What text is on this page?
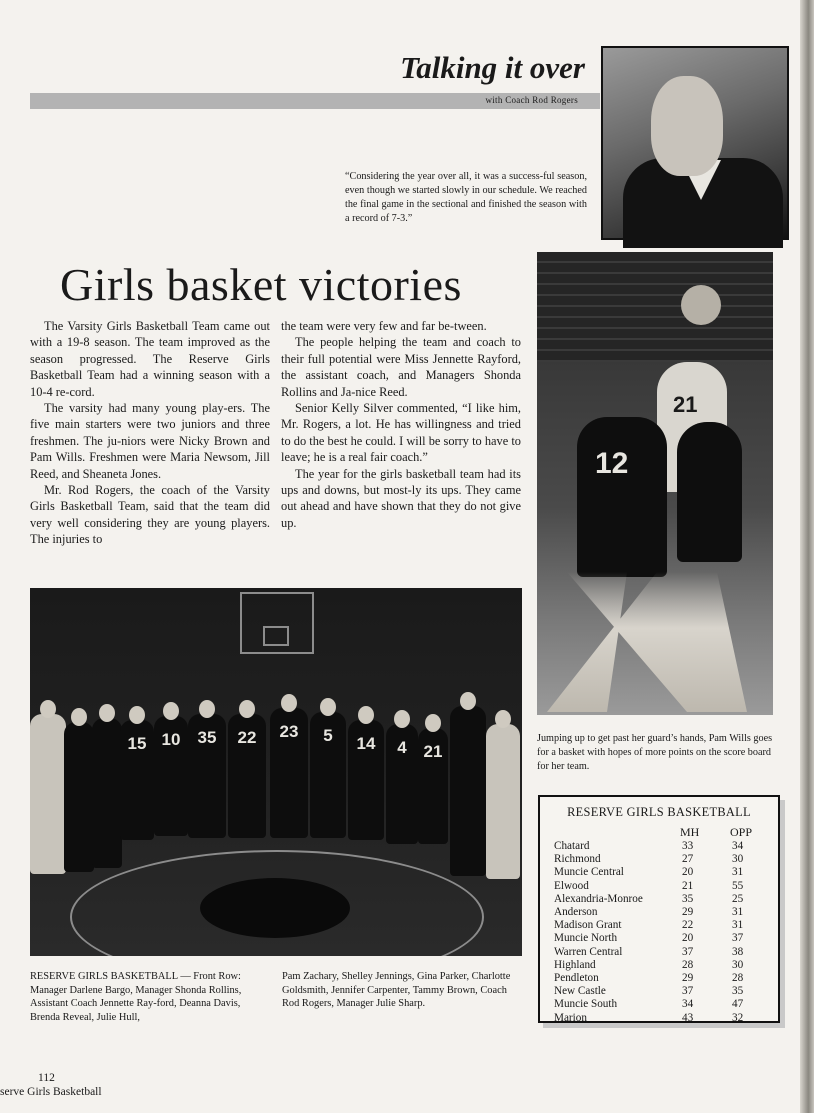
Talking it over
with Coach Rod Rogers
“Considering the year over all, it was a success-ful season, even though we started slowly in our schedule. We reached the final game in the sectional and finished the season with a record of 7-3.”
Girls basket victories

The Varsity Girls Basketball Team came out with a 19-8 season. The team improved as the season progressed. The Reserve Girls Basketball Team had a winning season with a 10-4 re-cord.

The varsity had many young play-ers. The five main starters were two juniors and three freshmen. The ju-niors were Nicky Brown and Pam Wills. Freshmen were Maria Newsom, Jill Reed, and Sheaneta Jones.

Mr. Rod Rogers, the coach of the Varsity Girls Basketball Team, said that the team did very well considering they are young players. The injuries to

the team were very few and far be-tween.

The people helping the team and coach to their full potential were Miss Jennette Rayford, the assistant coach, and Managers Shonda Rollins and Ja-nice Reed.

Senior Kelly Silver commented, “I like him, Mr. Rogers, a lot. He has willingness and tried to do the best he could. I will be sorry to have to leave; he is a real fair coach.”

The year for the girls basketball team had its ups and downs, but most-ly its ups. They came out ahead and have shown that they do not give up.

21
12
Jumping up to get past her guard’s hands, Pam Wills goes for a basket with hopes of more points on the score board for her team.
15 10	35	22	23	5	14	4 21
RESERVE GIRLS BASKETBALL — Front Row: Manager Darlene Bargo, Manager Shonda Rollins, Assistant Coach Jennette Ray-ford, Deanna Davis, Brenda Reveal, Julie Hull,
Pam Zachary, Shelley Jennings, Gina Parker, Charlotte Goldsmith, Jennifer Carpenter, Tammy Brown, Coach Rod Rogers, Manager Julie Sharp.
RESERVE GIRLS BASKETBALL
MH	OPP
Chatard	33	34
Richmond	27	30
Muncie Central	20	31
Elwood	21	55
Alexandria-Monroe	35	25
Anderson	29	31
Madison Grant	22	31
Muncie North	20	37
Warren Central	37	38
Highland	28	30
Pendleton	29	28
New Castle	37	35
Muncie South	34	47
Marion	43	32
112
serve Girls Basketball
